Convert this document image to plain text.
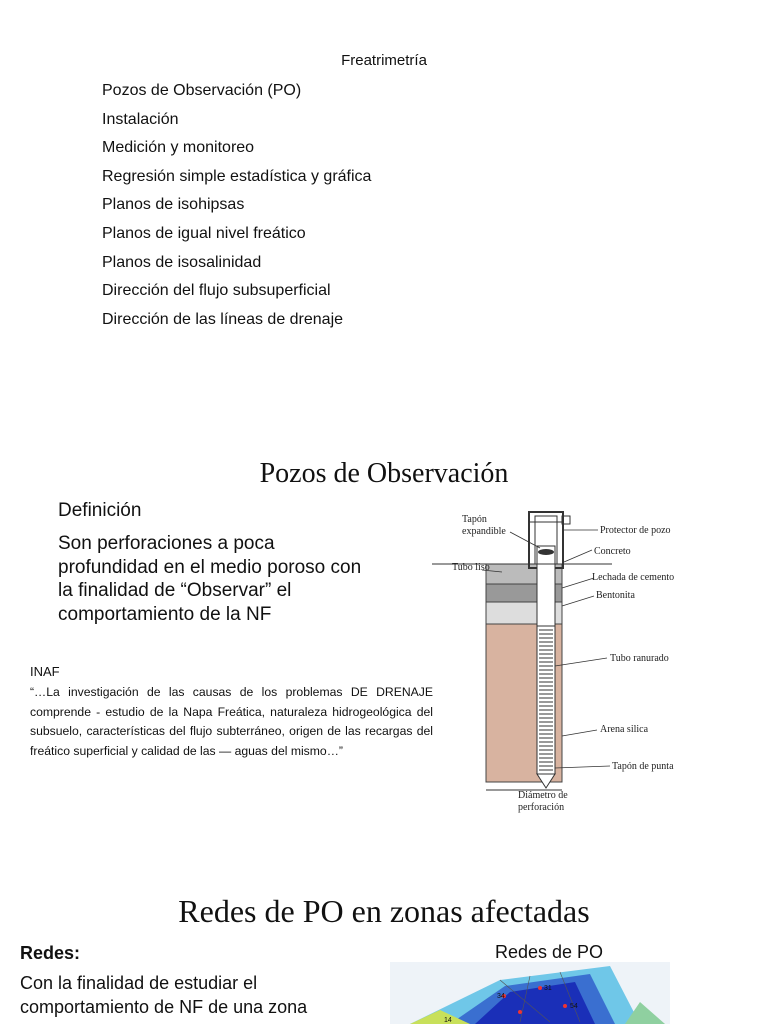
Freatrimetría
Pozos de Observación (PO)
Instalación
Medición y monitoreo
Regresión simple estadística y gráfica
Planos de isohipsas
Planos de igual nivel freático
Planos de isosalinidad
Dirección del flujo subsuperficial
Dirección de las líneas de drenaje
Pozos de Observación
Definición
Son perforaciones a poca profundidad en el medio poroso con la finalidad de “Observar” el comportamiento de la NF
INAF
“…La investigación de las causas de los problemas DE DRENAJE comprende - estudio de la Napa Freática, naturaleza hidrogeológica del subsuelo, características del flujo subterráneo, origen de las recargas del freático superficial y calidad de las — aguas del mismo…”
Tapón
expandible	Protector de pozo
Concreto
Tubo liso
Lechada de cemento
Bentonita
Tubo ranurado
Arena silica
Tapón de punta
Diámetro de
perforación
Redes de PO en zonas afectadas
Redes:
Con la finalidad de estudiar el comportamiento de NF de una zona
Redes de PO
34
31
54
14
